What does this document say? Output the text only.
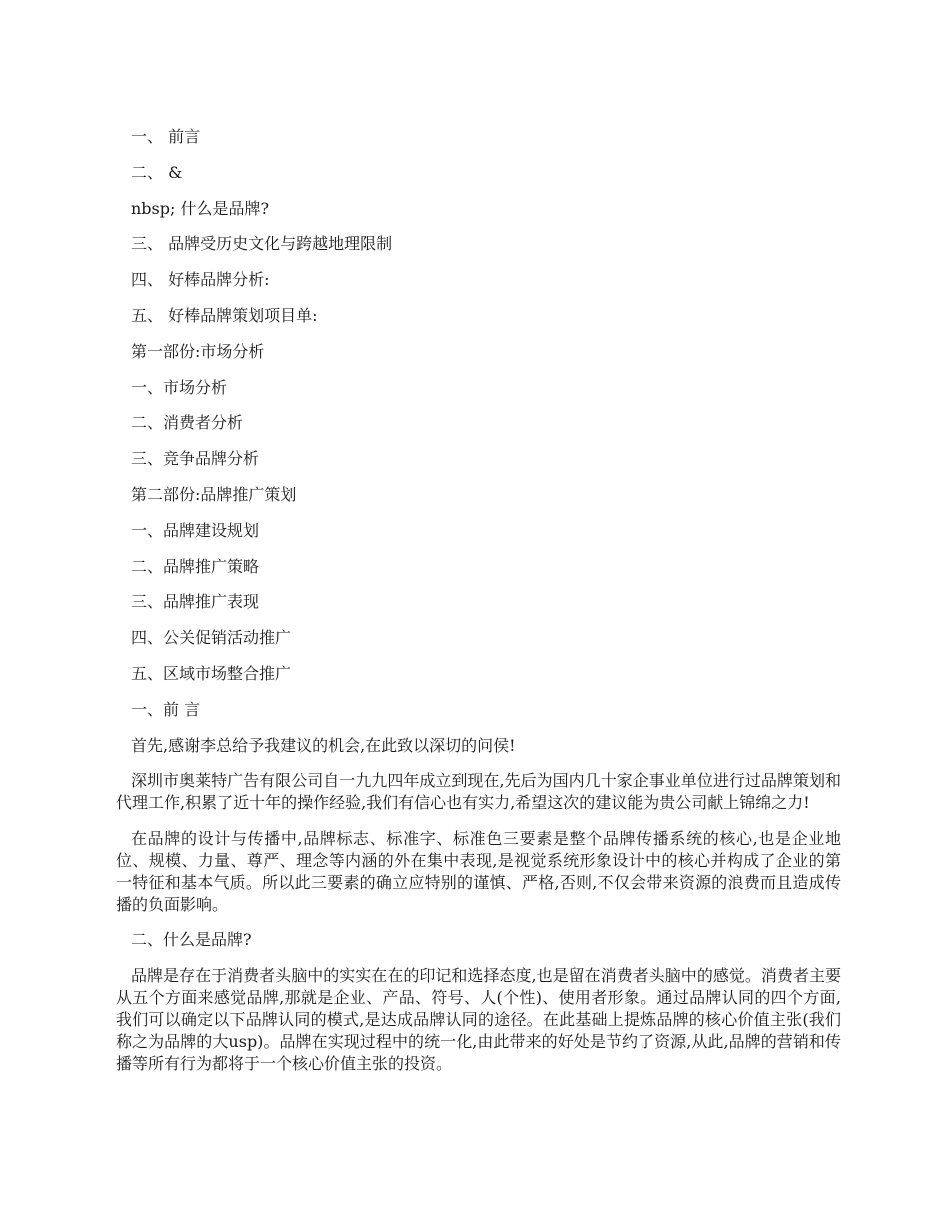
一、 前言
二、 &
nbsp; 什么是品牌?
三、 品牌受历史文化与跨越地理限制
四、 好棒品牌分析:
五、 好棒品牌策划项目单:
第一部份:市场分析
一、市场分析
二、消费者分析
三、竞争品牌分析
第二部份:品牌推广策划
一、品牌建设规划
二、品牌推广策略
三、品牌推广表现
四、公关促销活动推广
五、区域市场整合推广
一、前 言
首先,感谢李总给予我建议的机会,在此致以深切的问侯!

深圳市奥莱特广告有限公司自一九九四年成立到现在,先后为国内几十家企事业单位进行过品牌策划和代理工作,积累了近十年的操作经验,我们有信心也有实力,希望这次的建议能为贵公司献上锦绵之力!

在品牌的设计与传播中,品牌标志、标准字、标准色三要素是整个品牌传播系统的核心,也是企业地位、规模、力量、尊严、理念等内涵的外在集中表现,是视觉系统形象设计中的核心并构成了企业的第一特征和基本气质。所以此三要素的确立应特别的谨慎、严格,否则,不仅会带来资源的浪费而且造成传播的负面影响。

二、什么是品牌?

品牌是存在于消费者头脑中的实实在在的印记和选择态度,也是留在消费者头脑中的感觉。消费者主要从五个方面来感觉品牌,那就是企业、产品、符号、人(个性)、使用者形象。通过品牌认同的四个方面,我们可以确定以下品牌认同的模式,是达成品牌认同的途径。在此基础上提炼品牌的核心价值主张(我们称之为品牌的大usp)。品牌在实现过程中的统一化,由此带来的好处是节约了资源,从此,品牌的营销和传播等所有行为都将于一个核心价值主张的投资。
